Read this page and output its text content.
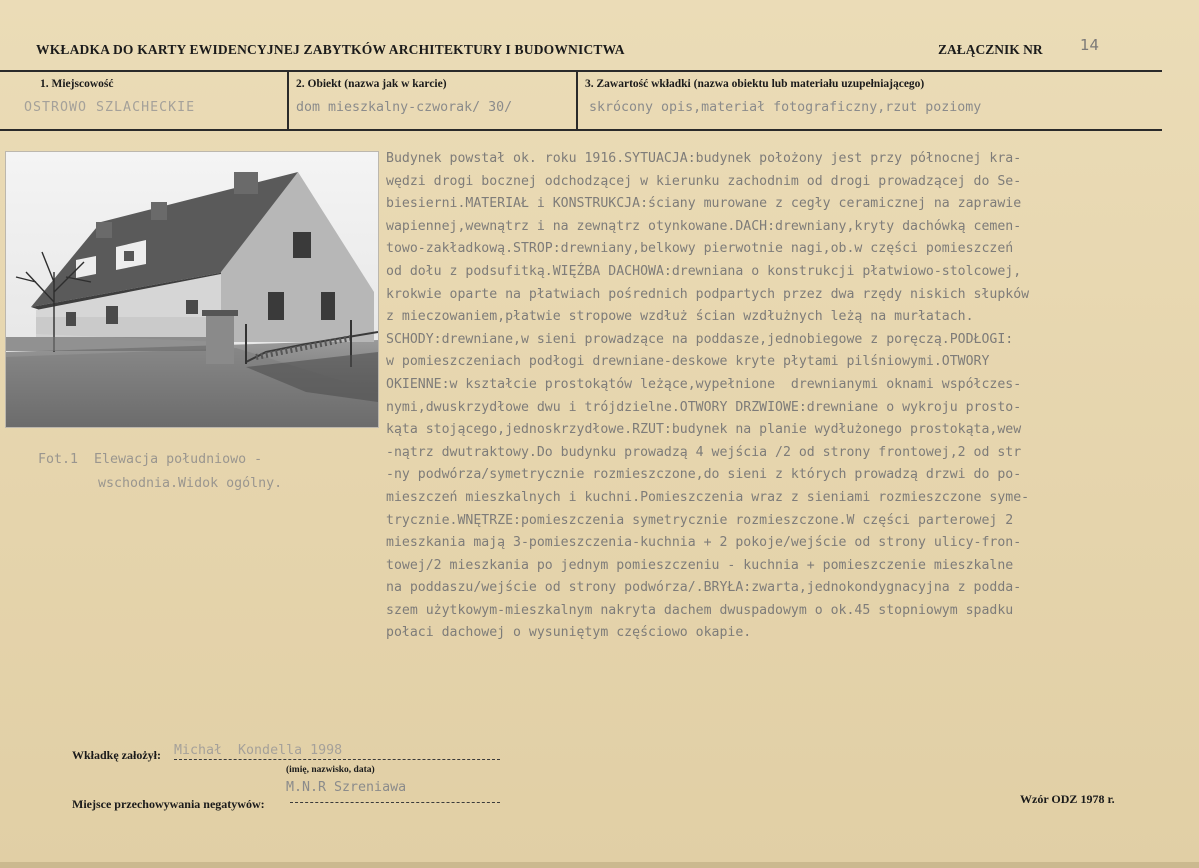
WKŁADKA DO KARTY EWIDENCYJNEJ ZABYTKÓW ARCHITEKTURY I BUDOWNICTWA	ZAŁĄCZNIK NR 14
1. Miejscowość
OSTROWO SZLACHECKIE
2. Obiekt (nazwa jak w karcie)
dom mieszkalny-czworak/ 30/
3. Zawartość wkładki (nazwa obiektu lub materiału uzupełniającego)
skrócony opis,materiał fotograficzny,rzut poziomy
Fot.1  Elewacja południowo -
wschodnia.Widok ogólny.
Budynek powstał ok. roku 1916.SYTUACJA:budynek położony jest przy północnej kra-
wędzi drogi bocznej odchodzącej w kierunku zachodnim od drogi prowadzącej do Se-
biesierni.MATERIAŁ i KONSTRUKCJA:ściany murowane z cegły ceramicznej na zaprawie
wapiennej,wewnątrz i na zewnątrz otynkowane.DACH:drewniany,kryty dachówką cemen-
towo-zakładkową.STROP:drewniany,belkowy pierwotnie nagi,ob.w części pomieszczeń
od dołu z podsufitką.WIĘŹBA DACHOWA:drewniana o konstrukcji płatwiowo-stolcowej,
krokwie oparte na płatwiach pośrednich podpartych przez dwa rzędy niskich słupków
z mieczowaniem,płatwie stropowe wzdłuż ścian wzdłużnych leżą na murłatach.
SCHODY:drewniane,w sieni prowadzące na poddasze,jednobiegowe z poręczą.PODŁOGI:
w pomieszczeniach podłogi drewniane-deskowe kryte płytami pilśniowymi.OTWORY
OKIENNE:w kształcie prostokątów leżące,wypełnione  drewnianymi oknami współczes-
nymi,dwuskrzydłowe dwu i trójdzielne.OTWORY DRZWIOWE:drewniane o wykroju prosto-
kąta stojącego,jednoskrzydłowe.RZUT:budynek na planie wydłużonego prostokąta,wew
-nątrz dwutraktowy.Do budynku prowadzą 4 wejścia /2 od strony frontowej,2 od str
-ny podwórza/symetrycznie rozmieszczone,do sieni z których prowadzą drzwi do po-
mieszczeń mieszkalnych i kuchni.Pomieszczenia wraz z sieniami rozmieszczone syme-
trycznie.WNĘTRZE:pomieszczenia symetrycznie rozmieszczone.W części parterowej 2
mieszkania mają 3-pomieszczenia-kuchnia + 2 pokoje/wejście od strony ulicy-fron-
towej/2 mieszkania po jednym pomieszczeniu - kuchnia + pomieszczenie mieszkalne
na poddaszu/wejście od strony podwórza/.BRYŁA:zwarta,jednokondygnacyjna z podda-
szem użytkowym-mieszkalnym nakryta dachem dwuspadowym o ok.45 stopniowym spadku
połaci dachowej o wysuniętym częściowo okapie.
Wkładkę założył: Michał  Kondella 1998
(imię, nazwisko, data)
Miejsce przechowywania negatywów:
M.N.R Szreniawa
Wzór ODZ 1978 r.
